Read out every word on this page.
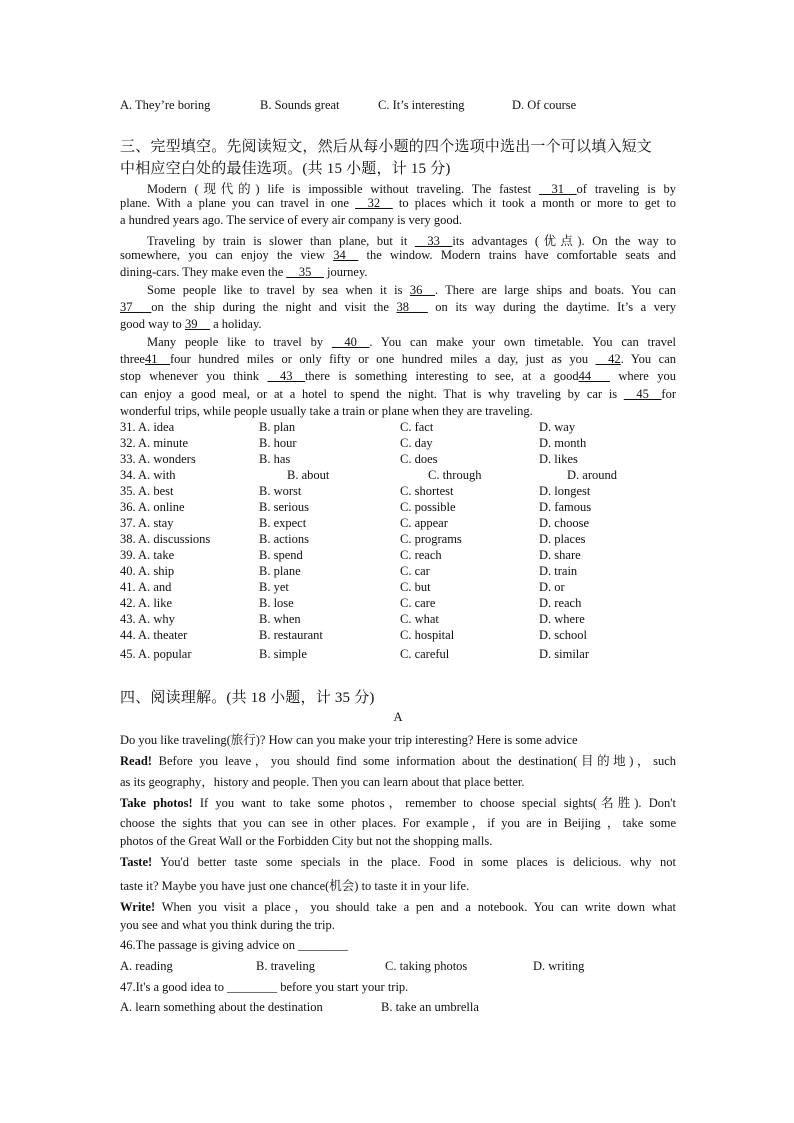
A. They’re boring	B. Sounds great	C. It’s interesting	D. Of course
三、完型填空。先阅读短文，然后从每小题的四个选项中选出一个可以填入短文
中相应空白处的最佳选项。(共 15 小题，计 15 分)
Modern (现代的) life is impossible without traveling. The fastest __31__of traveling is by
plane. With a plane you can travel in one __32__ to places which it took a month or more to get to
a hundred years ago. The service of every air company is very good.
Traveling by train is slower than plane, but it __33__its advantages (优点). On the way to
somewhere, you can enjoy the view 34__ the window. Modern trains have comfortable seats and
dining-cars. They make even the __35__ journey.
Some people like to travel by sea when it is 36__. There are large ships and boats. You can
37___on the ship during the night and visit the 38___ on its way during the daytime. It’s a very
good way to 39__ a holiday.
Many people like to travel by __40__. You can make your own timetable. You can travel
three41__four hundred miles or only fifty or one hundred miles a day, just as you __42. You can
stop whenever you think __43__there is something interesting to see, at a good44___ where you
can enjoy a good meal, or at a hotel to spend the night. That is why traveling by car is __45__for
wonderful trips, while people usually take a train or plane when they are traveling.
31. A. idea	B. plan	C. fact	D. way
32. A. minute	B. hour	C. day	D. month
33. A. wonders	B. has	C. does	D. likes
34. A. with	B. about	C. through	D. around
35. A. best	B. worst	C. shortest	D. longest
36. A. online	B. serious	C. possible	D. famous
37. A. stay	B. expect	C. appear	D. choose
38. A. discussions	B. actions	C. programs	D. places
39. A. take	B. spend	C. reach	D. share
40. A. ship	B. plane	C. car	D. train
41. A. and	B. yet	C. but	D. or
42. A. like	B. lose	C. care	D. reach
43. A. why	B. when	C. what	D. where
44. A. theater	B. restaurant	C. hospital	D. school
45. A. popular	B. simple	C. careful	D. similar
四、阅读理解。(共 18 小题，计 35 分)
A
Do you like traveling(旅行)? How can you make your trip interesting? Here is some advice
Read! Before you leave，you should find some information about the destination(目的地)，such
as its geography，history and people. Then you can learn about that place better.
Take photos! If you want to take some photos，remember to choose special sights(名胜). Don't
choose the sights that you can see in other places. For example，if you are in Beijing ，take some
photos of the Great Wall or the Forbidden City but not the shopping malls.
Taste! You'd better taste some specials in the place. Food in some places is delicious. why not
taste it? Maybe you have just one chance(机会) to taste it in your life.
Write! When you visit a place，you should take a pen and a notebook. You can write down what
you see and what you think during the trip.
46.The passage is giving advice on ________
A. reading	B. traveling	C. taking photos	D. writing
47.It's a good idea to ________ before you start your trip.
A. learn something about the destination	B. take an umbrella
